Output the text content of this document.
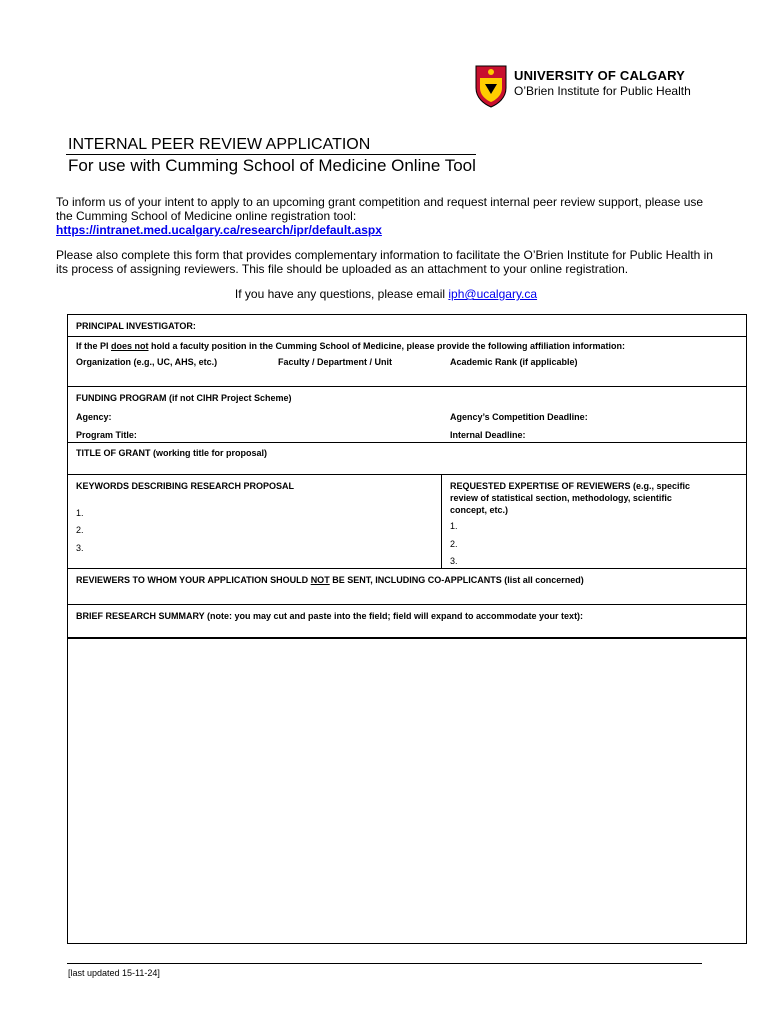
UNIVERSITY OF CALGARY
O’Brien Institute for Public Health
INTERNAL PEER REVIEW APPLICATION
For use with Cumming School of Medicine Online Tool
To inform us of your intent to apply to an upcoming grant competition and request internal peer review support, please use the Cumming School of Medicine online registration tool:
https://intranet.med.ucalgary.ca/research/ipr/default.aspx
Please also complete this form that provides complementary information to facilitate the O’Brien Institute for Public Health in its process of assigning reviewers. This file should be uploaded as an attachment to your online registration.
If you have any questions, please email iph@ucalgary.ca
PRINCIPAL INVESTIGATOR:
If the PI does not hold a faculty position in the Cumming School of Medicine, please provide the following affiliation information:
Organization (e.g., UC, AHS, etc.)	Faculty / Department / Unit	Academic Rank (if applicable)
FUNDING PROGRAM (if not CIHR Project Scheme)
Agency:	Agency’s Competition Deadline:
Program Title:	Internal Deadline:
TITLE OF GRANT (working title for proposal)
KEYWORDS DESCRIBING RESEARCH PROPOSAL
1.
2.
3.
REQUESTED EXPERTISE OF REVIEWERS (e.g., specific
review of statistical section, methodology, scientific
concept, etc.)
1.
2.
3.
REVIEWERS TO WHOM YOUR APPLICATION SHOULD NOT BE SENT, INCLUDING CO-APPLICANTS (list all concerned)
BRIEF RESEARCH SUMMARY (note: you may cut and paste into the field; field will expand to accommodate your text):
[last updated 15-11-24]
